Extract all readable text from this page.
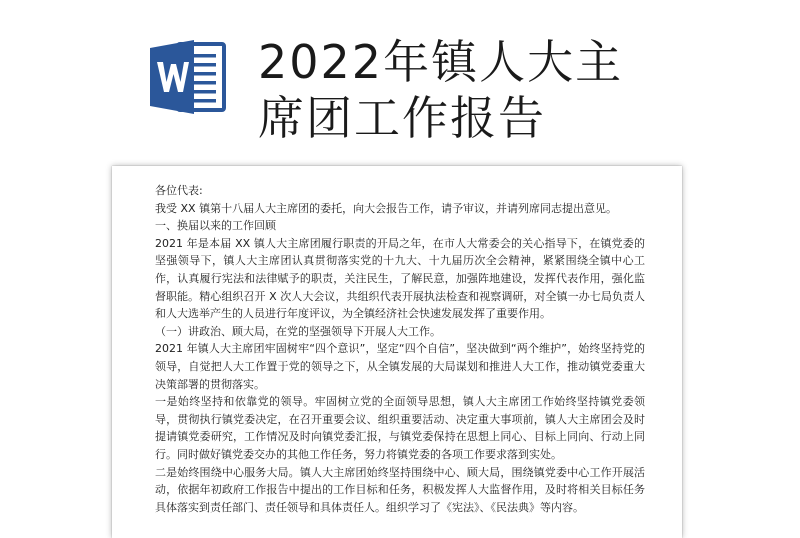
2022年镇人大主
席团工作报告

各位代表:

我受 XX 镇第十八届人大主席团的委托，向大会报告工作，请予审议，并请列席同志提出意见。

一、换届以来的工作回顾

2021 年是本届 XX 镇人大主席团履行职责的开局之年，在市人大常委会的关心指导下，在镇党委的坚强领导下，镇人大主席团认真贯彻落实党的十九大、十九届历次全会精神，紧紧围绕全镇中心工作，认真履行宪法和法律赋予的职责，关注民生，了解民意，加强阵地建设，发挥代表作用，强化监督职能。精心组织召开 X 次人大会议，共组织代表开展执法检查和视察调研，对全镇一办七局负责人和人大选举产生的人员进行年度评议，为全镇经济社会快速发展发挥了重要作用。

（一）讲政治、顾大局，在党的坚强领导下开展人大工作。

2021 年镇人大主席团牢固树牢“四个意识”，坚定“四个自信”，坚决做到“两个维护”，始终坚持党的领导，自觉把人大工作置于党的领导之下，从全镇发展的大局谋划和推进人大工作，推动镇党委重大决策部署的贯彻落实。

一是始终坚持和依靠党的领导。牢固树立党的全面领导思想，镇人大主席团工作始终坚持镇党委领导，贯彻执行镇党委决定，在召开重要会议、组织重要活动、决定重大事项前，镇人大主席团会及时提请镇党委研究，工作情况及时向镇党委汇报，与镇党委保持在思想上同心、目标上同向、行动上同行。同时做好镇党委交办的其他工作任务，努力将镇党委的各项工作要求落到实处。

二是始终围绕中心服务大局。镇人大主席团始终坚持围绕中心、顾大局，围绕镇党委中心工作开展活动，依据年初政府工作报告中提出的工作目标和任务，积极发挥人大监督作用，及时将相关目标任务具体落实到责任部门、责任领导和具体责任人。组织学习了《宪法》、《民法典》等内容。
